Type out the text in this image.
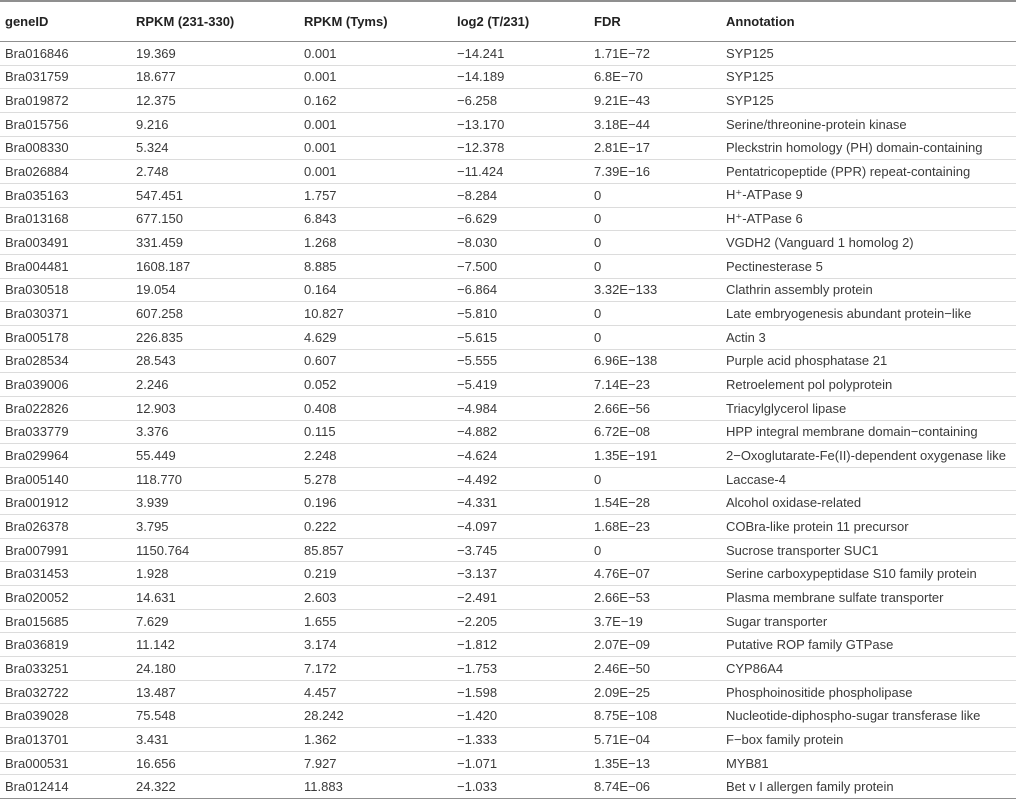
geneID	RPKM (231-330)	RPKM (Tyms)	log2 (T/231)	FDR	Annotation
Bra016846	19.369	0.001	−14.241	1.71E−72	SYP125
Bra031759	18.677	0.001	−14.189	6.8E−70	SYP125
Bra019872	12.375	0.162	−6.258	9.21E−43	SYP125
Bra015756	9.216	0.001	−13.170	3.18E−44	Serine/threonine-protein kinase
Bra008330	5.324	0.001	−12.378	2.81E−17	Pleckstrin homology (PH) domain-containing
Bra026884	2.748	0.001	−11.424	7.39E−16	Pentatricopeptide (PPR) repeat-containing
Bra035163	547.451	1.757	−8.284	0	H⁺-ATPase 9
Bra013168	677.150	6.843	−6.629	0	H⁺-ATPase 6
Bra003491	331.459	1.268	−8.030	0	VGDH2 (Vanguard 1 homolog 2)
Bra004481	1608.187	8.885	−7.500	0	Pectinesterase 5
Bra030518	19.054	0.164	−6.864	3.32E−133	Clathrin assembly protein
Bra030371	607.258	10.827	−5.810	0	Late embryogenesis abundant protein−like
Bra005178	226.835	4.629	−5.615	0	Actin 3
Bra028534	28.543	0.607	−5.555	6.96E−138	Purple acid phosphatase 21
Bra039006	2.246	0.052	−5.419	7.14E−23	Retroelement pol polyprotein
Bra022826	12.903	0.408	−4.984	2.66E−56	Triacylglycerol lipase
Bra033779	3.376	0.115	−4.882	6.72E−08	HPP integral membrane domain−containing
Bra029964	55.449	2.248	−4.624	1.35E−191	2−Oxoglutarate-Fe(II)-dependent oxygenase like
Bra005140	118.770	5.278	−4.492	0	Laccase-4
Bra001912	3.939	0.196	−4.331	1.54E−28	Alcohol oxidase-related
Bra026378	3.795	0.222	−4.097	1.68E−23	COBra-like protein 11 precursor
Bra007991	1150.764	85.857	−3.745	0	Sucrose transporter SUC1
Bra031453	1.928	0.219	−3.137	4.76E−07	Serine carboxypeptidase S10 family protein
Bra020052	14.631	2.603	−2.491	2.66E−53	Plasma membrane sulfate transporter
Bra015685	7.629	1.655	−2.205	3.7E−19	Sugar transporter
Bra036819	11.142	3.174	−1.812	2.07E−09	Putative ROP family GTPase
Bra033251	24.180	7.172	−1.753	2.46E−50	CYP86A4
Bra032722	13.487	4.457	−1.598	2.09E−25	Phosphoinositide phospholipase
Bra039028	75.548	28.242	−1.420	8.75E−108	Nucleotide-diphospho-sugar transferase like
Bra013701	3.431	1.362	−1.333	5.71E−04	F−box family protein
Bra000531	16.656	7.927	−1.071	1.35E−13	MYB81
Bra012414	24.322	11.883	−1.033	8.74E−06	Bet v I allergen family protein
